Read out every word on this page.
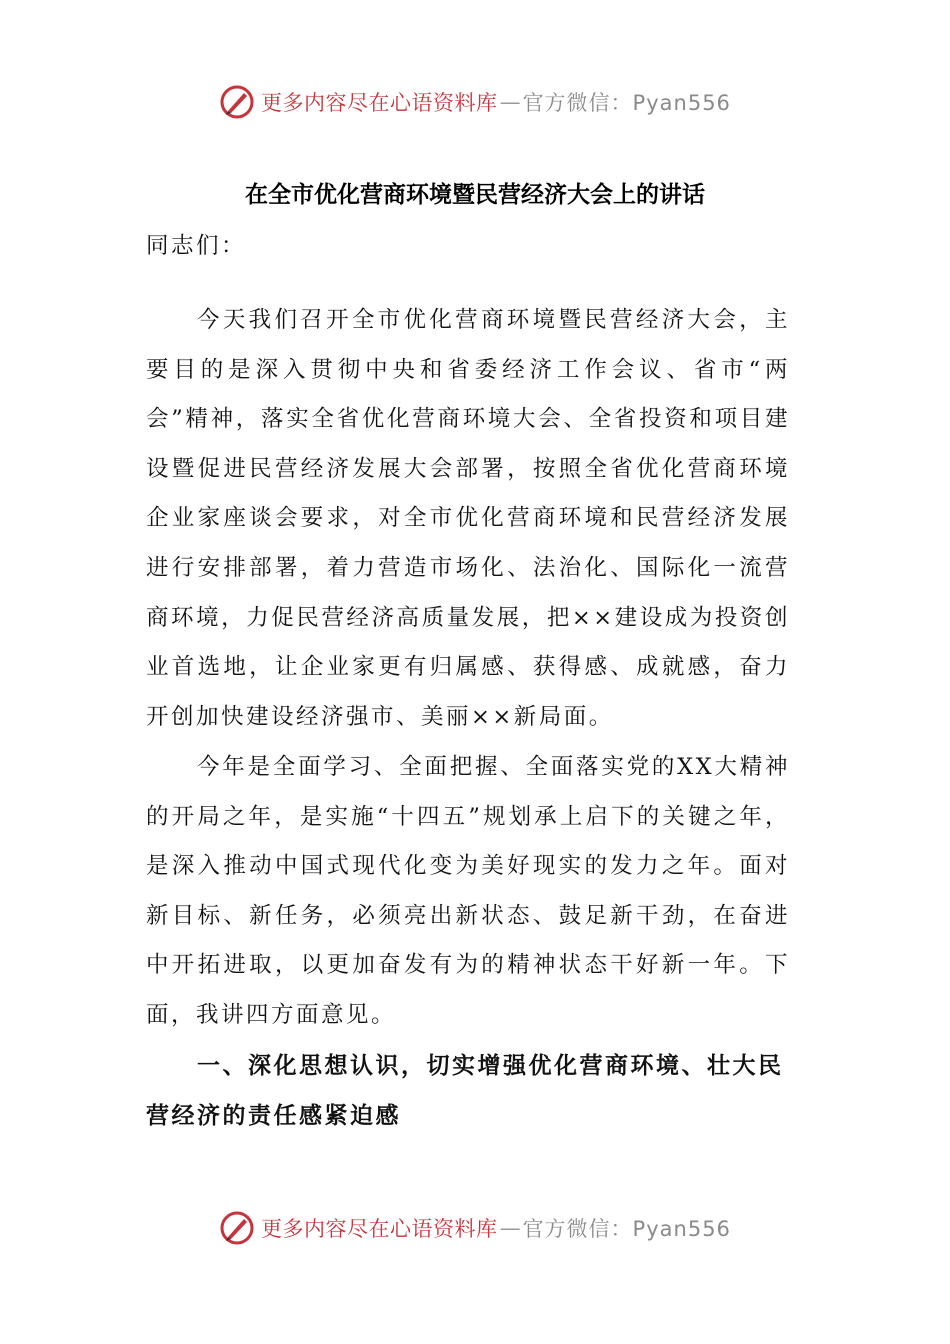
更多内容尽在心语资料库 — 官方微信：Pyan556
在全市优化营商环境暨民营经济大会上的讲话
同志们：
今天我们召开全市优化营商环境暨民营经济大会，主要目的是深入贯彻中央和省委经济工作会议、省市“两会”精神，落实全省优化营商环境大会、全省投资和项目建设暨促进民营经济发展大会部署，按照全省优化营商环境企业家座谈会要求，对全市优化营商环境和民营经济发展进行安排部署，着力营造市场化、法治化、国际化一流营商环境，力促民营经济高质量发展，把××建设成为投资创业首选地，让企业家更有归属感、获得感、成就感，奋力开创加快建设经济强市、美丽××新局面。
今年是全面学习、全面把握、全面落实党的XX大精神的开局之年，是实施“十四五”规划承上启下的关键之年，是深入推动中国式现代化变为美好现实的发力之年。面对新目标、新任务，必须亮出新状态、鼓足新干劲，在奋进中开拓进取，以更加奋发有为的精神状态干好新一年。下面，我讲四方面意见。
一、深化思想认识，切实增强优化营商环境、壮大民营经济的责任感紧迫感
更多内容尽在心语资料库 — 官方微信：Pyan556
